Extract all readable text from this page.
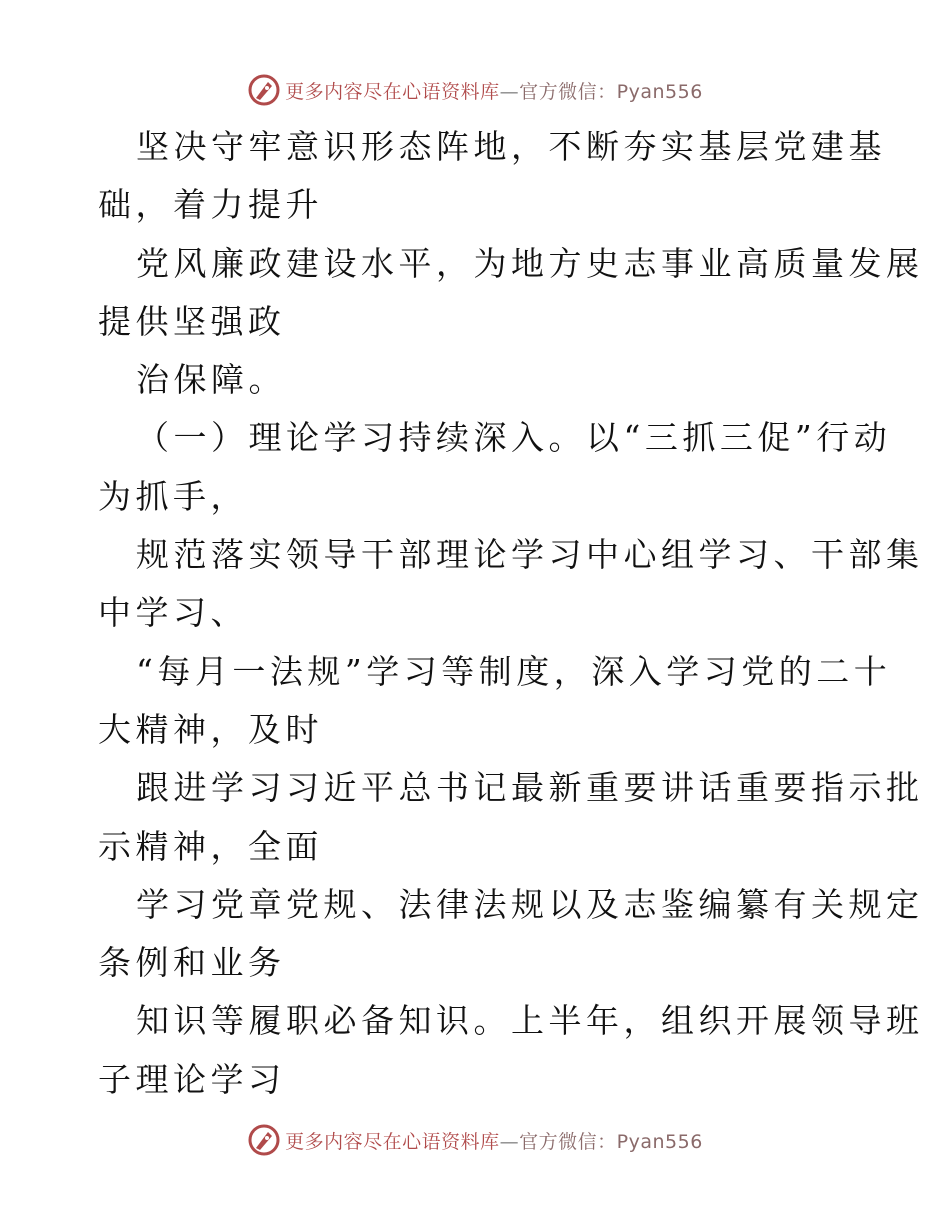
更多内容尽在心语资料库—官方微信：Pyan556
坚决守牢意识形态阵地，不断夯实基层党建基
础，着力提升
党风廉政建设水平，为地方史志事业高质量发展
提供坚强政
治保障。
（一）理论学习持续深入。以“三抓三促”行动
为抓手，
规范落实领导干部理论学习中心组学习、干部集
中学习、
“每月一法规”学习等制度，深入学习党的二十
大精神，及时
跟进学习习近平总书记最新重要讲话重要指示批
示精神，全面
学习党章党规、法律法规以及志鉴编纂有关规定
条例和业务
知识等履职必备知识。上半年，组织开展领导班
子理论学习
更多内容尽在心语资料库—官方微信：Pyan556
